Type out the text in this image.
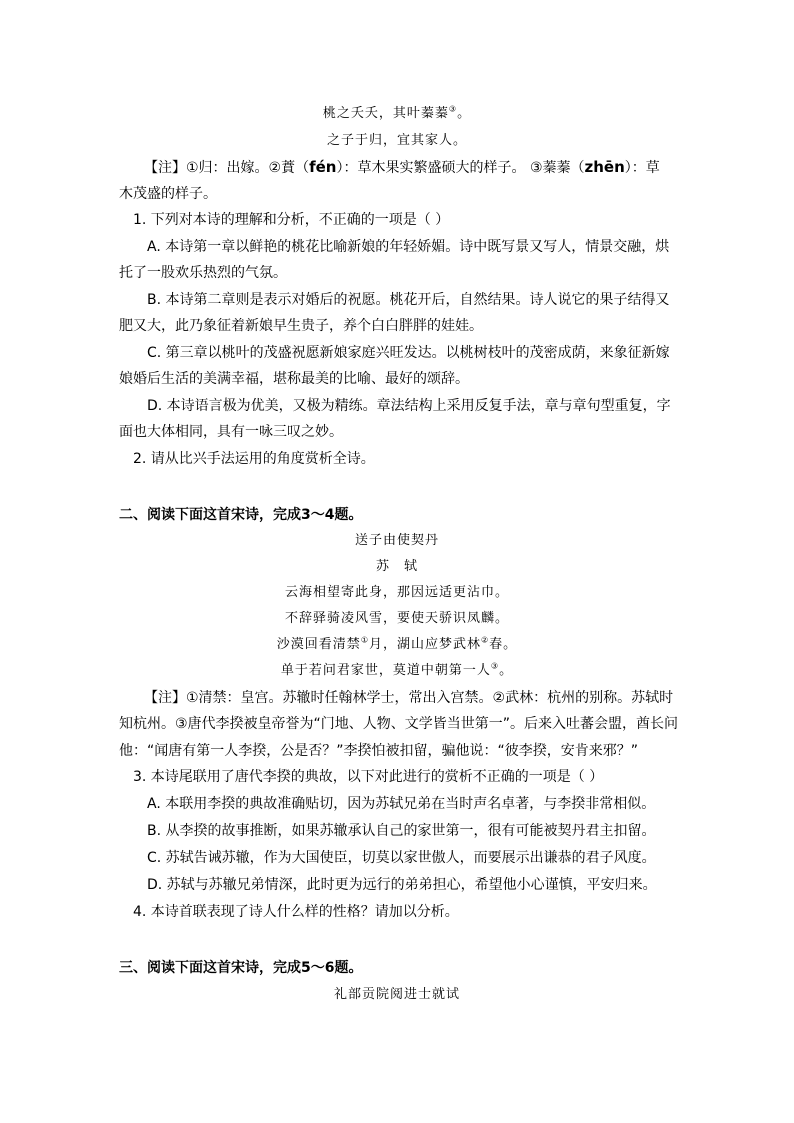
桃之夭夭，其叶蓁蓁③。
之子于归，宜其家人。
【注】①归：出嫁。②蕡（fén）：草木果实繁盛硕大的样子。 ③蓁蓁（zhēn）：草
木茂盛的样子。
1. 下列对本诗的理解和分析，不正确的一项是（ ）
A. 本诗第一章以鲜艳的桃花比喻新娘的年轻娇媚。诗中既写景又写人，情景交融，烘
托了一股欢乐热烈的气氛。
B. 本诗第二章则是表示对婚后的祝愿。桃花开后，自然结果。诗人说它的果子结得又
肥又大，此乃象征着新娘早生贵子，养个白白胖胖的娃娃。
C. 第三章以桃叶的茂盛祝愿新娘家庭兴旺发达。以桃树枝叶的茂密成荫，来象征新嫁
娘婚后生活的美满幸福，堪称最美的比喻、最好的颂辞。
D. 本诗语言极为优美，又极为精练。章法结构上采用反复手法，章与章句型重复，字
面也大体相同，具有一咏三叹之妙。
2. 请从比兴手法运用的角度赏析全诗。
二、阅读下面这首宋诗，完成3～4题。
送子由使契丹
苏　轼
云海相望寄此身，那因远适更沾巾。
不辞驿骑凌风雪，要使天骄识凤麟。
沙漠回看清禁①月，湖山应梦武林②春。
单于若问君家世，莫道中朝第一人③。
【注】①清禁：皇宫。苏辙时任翰林学士，常出入宫禁。②武林：杭州的别称。苏轼时
知杭州。③唐代李揆被皇帝誉为“门地、人物、文学皆当世第一”。后来入吐蕃会盟，酋长问
他：“闻唐有第一人李揆，公是否？”李揆怕被扣留，骗他说：“彼李揆，安肯来邪？”
3. 本诗尾联用了唐代李揆的典故，以下对此进行的赏析不正确的一项是（ ）
A. 本联用李揆的典故准确贴切，因为苏轼兄弟在当时声名卓著，与李揆非常相似。
B. 从李揆的故事推断，如果苏辙承认自己的家世第一，很有可能被契丹君主扣留。
C. 苏轼告诫苏辙，作为大国使臣，切莫以家世傲人，而要展示出谦恭的君子风度。
D. 苏轼与苏辙兄弟情深，此时更为远行的弟弟担心，希望他小心谨慎，平安归来。
4. 本诗首联表现了诗人什么样的性格？请加以分析。
三、阅读下面这首宋诗，完成5～6题。
礼部贡院阅进士就试
